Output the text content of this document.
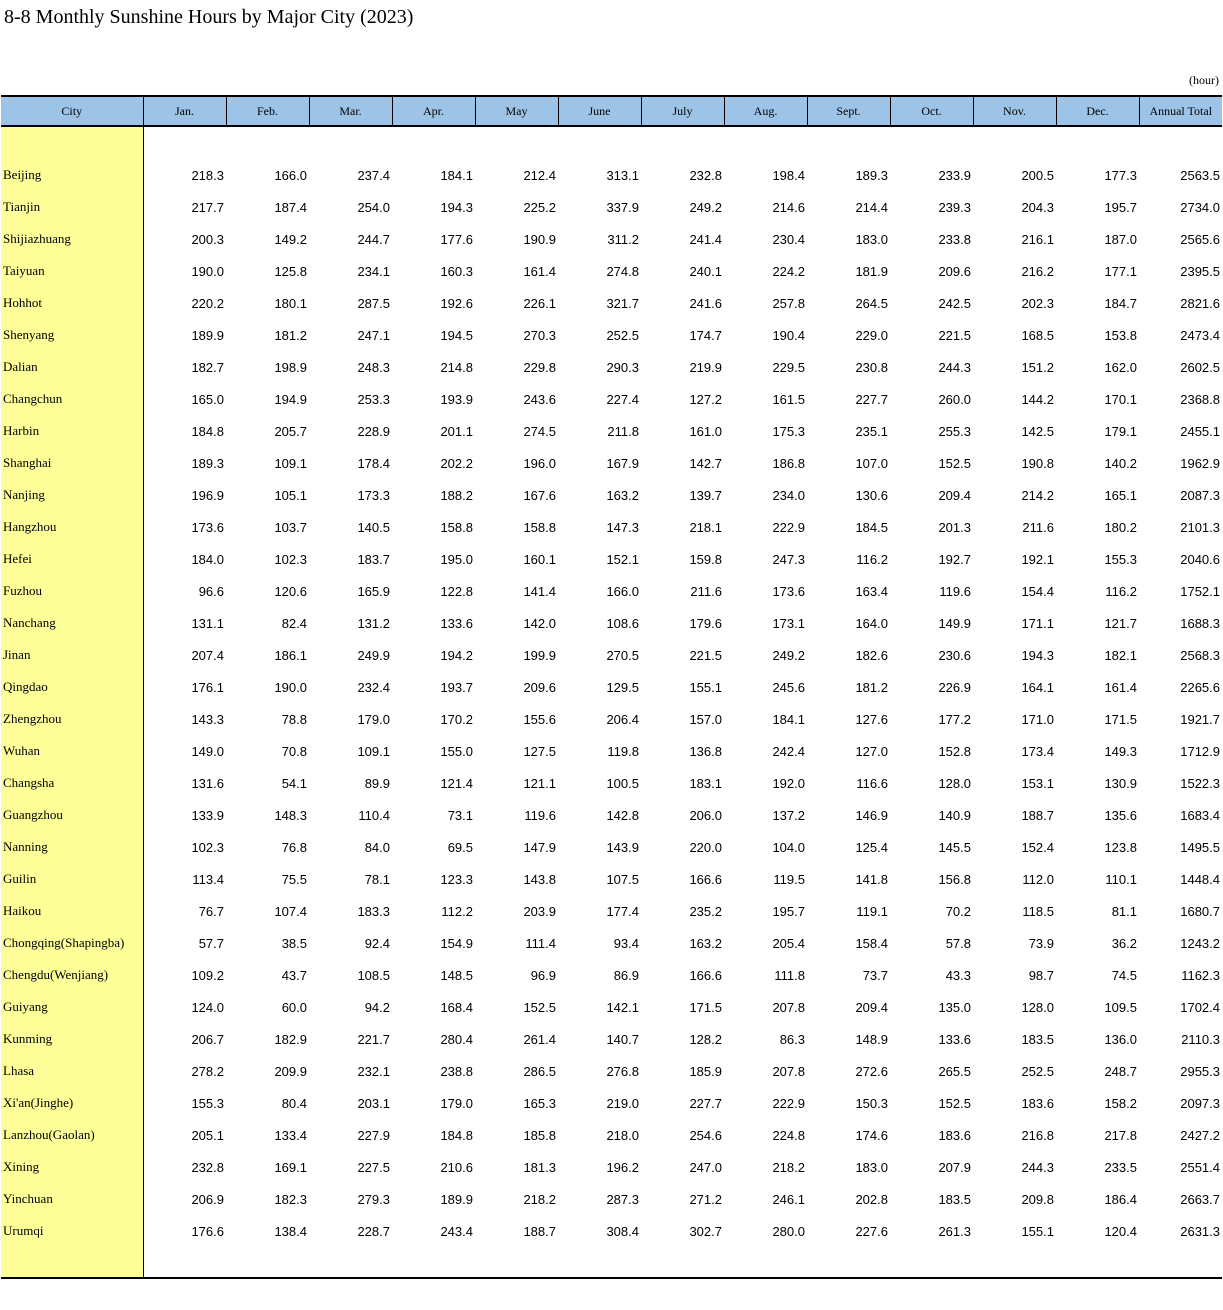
8-8 Monthly Sunshine Hours by Major City (2023)
(hour)
City	Jan.	Feb.	Mar.	Apr.	May	June	July	Aug.	Sept.	Oct.	Nov.	Dec.	Annual Total

Beijing	218.3	166.0	237.4	184.1	212.4	313.1	232.8	198.4	189.3	233.9	200.5	177.3	2563.5
Tianjin	217.7	187.4	254.0	194.3	225.2	337.9	249.2	214.6	214.4	239.3	204.3	195.7	2734.0
Shijiazhuang	200.3	149.2	244.7	177.6	190.9	311.2	241.4	230.4	183.0	233.8	216.1	187.0	2565.6
Taiyuan	190.0	125.8	234.1	160.3	161.4	274.8	240.1	224.2	181.9	209.6	216.2	177.1	2395.5
Hohhot	220.2	180.1	287.5	192.6	226.1	321.7	241.6	257.8	264.5	242.5	202.3	184.7	2821.6
Shenyang	189.9	181.2	247.1	194.5	270.3	252.5	174.7	190.4	229.0	221.5	168.5	153.8	2473.4
Dalian	182.7	198.9	248.3	214.8	229.8	290.3	219.9	229.5	230.8	244.3	151.2	162.0	2602.5
Changchun	165.0	194.9	253.3	193.9	243.6	227.4	127.2	161.5	227.7	260.0	144.2	170.1	2368.8
Harbin	184.8	205.7	228.9	201.1	274.5	211.8	161.0	175.3	235.1	255.3	142.5	179.1	2455.1
Shanghai	189.3	109.1	178.4	202.2	196.0	167.9	142.7	186.8	107.0	152.5	190.8	140.2	1962.9
Nanjing	196.9	105.1	173.3	188.2	167.6	163.2	139.7	234.0	130.6	209.4	214.2	165.1	2087.3
Hangzhou	173.6	103.7	140.5	158.8	158.8	147.3	218.1	222.9	184.5	201.3	211.6	180.2	2101.3
Hefei	184.0	102.3	183.7	195.0	160.1	152.1	159.8	247.3	116.2	192.7	192.1	155.3	2040.6
Fuzhou	96.6	120.6	165.9	122.8	141.4	166.0	211.6	173.6	163.4	119.6	154.4	116.2	1752.1
Nanchang	131.1	82.4	131.2	133.6	142.0	108.6	179.6	173.1	164.0	149.9	171.1	121.7	1688.3
Jinan	207.4	186.1	249.9	194.2	199.9	270.5	221.5	249.2	182.6	230.6	194.3	182.1	2568.3
Qingdao	176.1	190.0	232.4	193.7	209.6	129.5	155.1	245.6	181.2	226.9	164.1	161.4	2265.6
Zhengzhou	143.3	78.8	179.0	170.2	155.6	206.4	157.0	184.1	127.6	177.2	171.0	171.5	1921.7
Wuhan	149.0	70.8	109.1	155.0	127.5	119.8	136.8	242.4	127.0	152.8	173.4	149.3	1712.9
Changsha	131.6	54.1	89.9	121.4	121.1	100.5	183.1	192.0	116.6	128.0	153.1	130.9	1522.3
Guangzhou	133.9	148.3	110.4	73.1	119.6	142.8	206.0	137.2	146.9	140.9	188.7	135.6	1683.4
Nanning	102.3	76.8	84.0	69.5	147.9	143.9	220.0	104.0	125.4	145.5	152.4	123.8	1495.5
Guilin	113.4	75.5	78.1	123.3	143.8	107.5	166.6	119.5	141.8	156.8	112.0	110.1	1448.4
Haikou	76.7	107.4	183.3	112.2	203.9	177.4	235.2	195.7	119.1	70.2	118.5	81.1	1680.7
Chongqing(Shapingba)	57.7	38.5	92.4	154.9	111.4	93.4	163.2	205.4	158.4	57.8	73.9	36.2	1243.2
Chengdu(Wenjiang)	109.2	43.7	108.5	148.5	96.9	86.9	166.6	111.8	73.7	43.3	98.7	74.5	1162.3
Guiyang	124.0	60.0	94.2	168.4	152.5	142.1	171.5	207.8	209.4	135.0	128.0	109.5	1702.4
Kunming	206.7	182.9	221.7	280.4	261.4	140.7	128.2	86.3	148.9	133.6	183.5	136.0	2110.3
Lhasa	278.2	209.9	232.1	238.8	286.5	276.8	185.9	207.8	272.6	265.5	252.5	248.7	2955.3
Xi'an(Jinghe)	155.3	80.4	203.1	179.0	165.3	219.0	227.7	222.9	150.3	152.5	183.6	158.2	2097.3
Lanzhou(Gaolan)	205.1	133.4	227.9	184.8	185.8	218.0	254.6	224.8	174.6	183.6	216.8	217.8	2427.2
Xining	232.8	169.1	227.5	210.6	181.3	196.2	247.0	218.2	183.0	207.9	244.3	233.5	2551.4
Yinchuan	206.9	182.3	279.3	189.9	218.2	287.3	271.2	246.1	202.8	183.5	209.8	186.4	2663.7
Urumqi	176.6	138.4	228.7	243.4	188.7	308.4	302.7	280.0	227.6	261.3	155.1	120.4	2631.3
